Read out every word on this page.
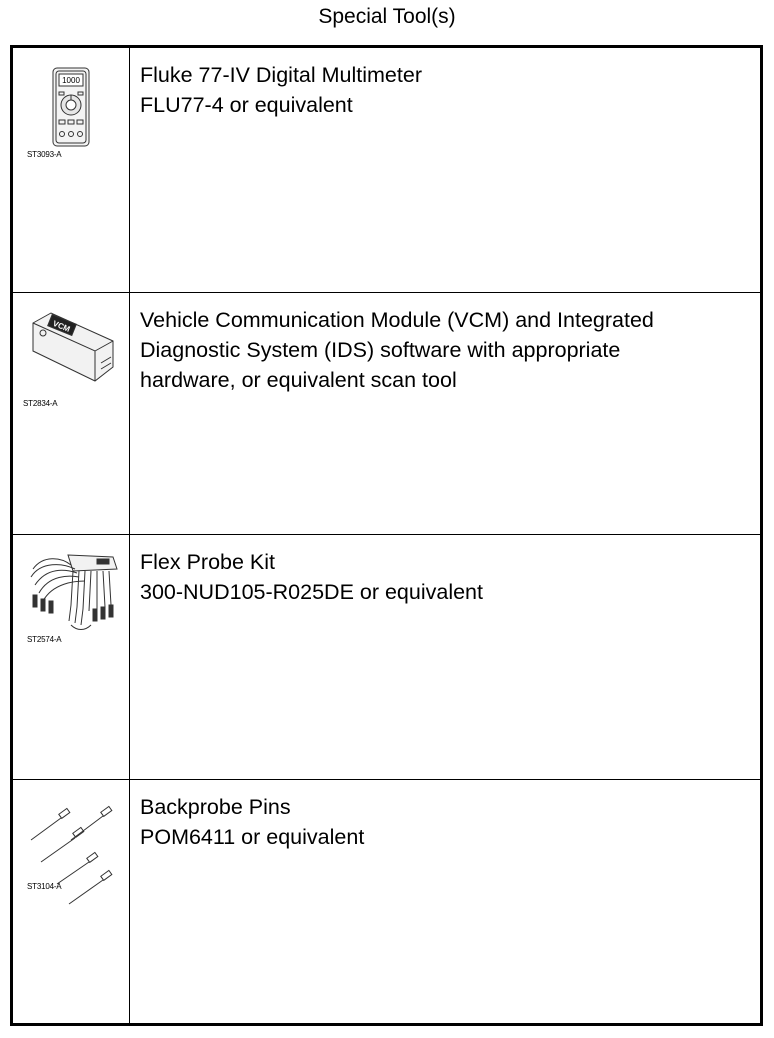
Special Tool(s)
1000
ST3093-A
Fluke 77-IV Digital Multimeter
FLU77-4 or equivalent
VCM
ST2834-A
Vehicle Communication Module (VCM) and Integrated
Diagnostic System (IDS) software with appropriate
hardware, or equivalent scan tool
ST2574-A
Flex Probe Kit
300-NUD105-R025DE or equivalent
ST3104-A
Backprobe Pins
POM6411 or equivalent
